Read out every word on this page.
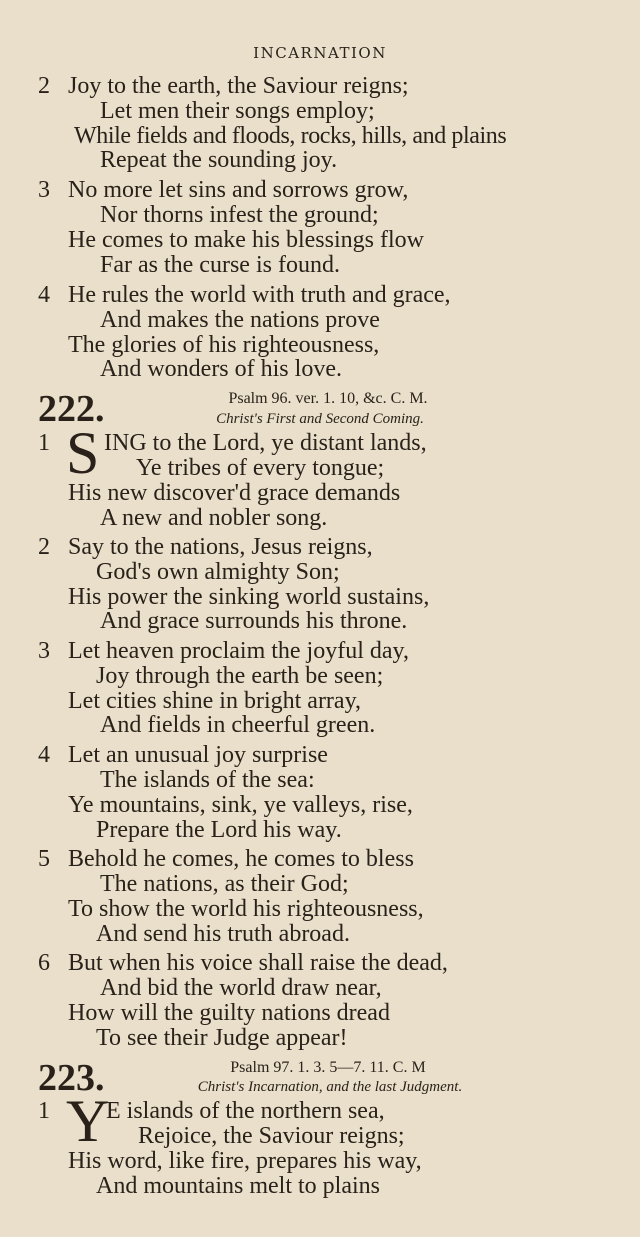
INCARNATION
2 Joy to the earth, the Saviour reigns;
Let men their songs employ;
While fields and floods, rocks, hills, and plains
Repeat the sounding joy.
3 No more let sins and sorrows grow,
Nor thorns infest the ground;
He comes to make his blessings flow
Far as the curse is found.
4 He rules the world with truth and grace,
And makes the nations prove
The glories of his righteousness,
And wonders of his love.
222.	Psalm 96. ver. 1. 10, &c. C. M.
Christ's First and Second Coming.
1 S ING to the Lord, ye distant lands,
Ye tribes of every tongue;
His new discover'd grace demands
A new and nobler song.
2 Say to the nations, Jesus reigns,
God's own almighty Son;
His power the sinking world sustains,
And grace surrounds his throne.
3 Let heaven proclaim the joyful day,
Joy through the earth be seen;
Let cities shine in bright array,
And fields in cheerful green.
4 Let an unusual joy surprise
The islands of the sea:
Ye mountains, sink, ye valleys, rise,
Prepare the Lord his way.
5 Behold he comes, he comes to bless
The nations, as their God;
To show the world his righteousness,
And send his truth abroad.
6 But when his voice shall raise the dead,
And bid the world draw near,
How will the guilty nations dread
To see their Judge appear!
223.	Psalm 97. 1. 3. 5—7. 11. C. M
Christ's Incarnation, and the last Judgment.
1 Y
E islands of the northern sea,
Rejoice, the Saviour reigns;
His word, like fire, prepares his way,
And mountains melt to plains
